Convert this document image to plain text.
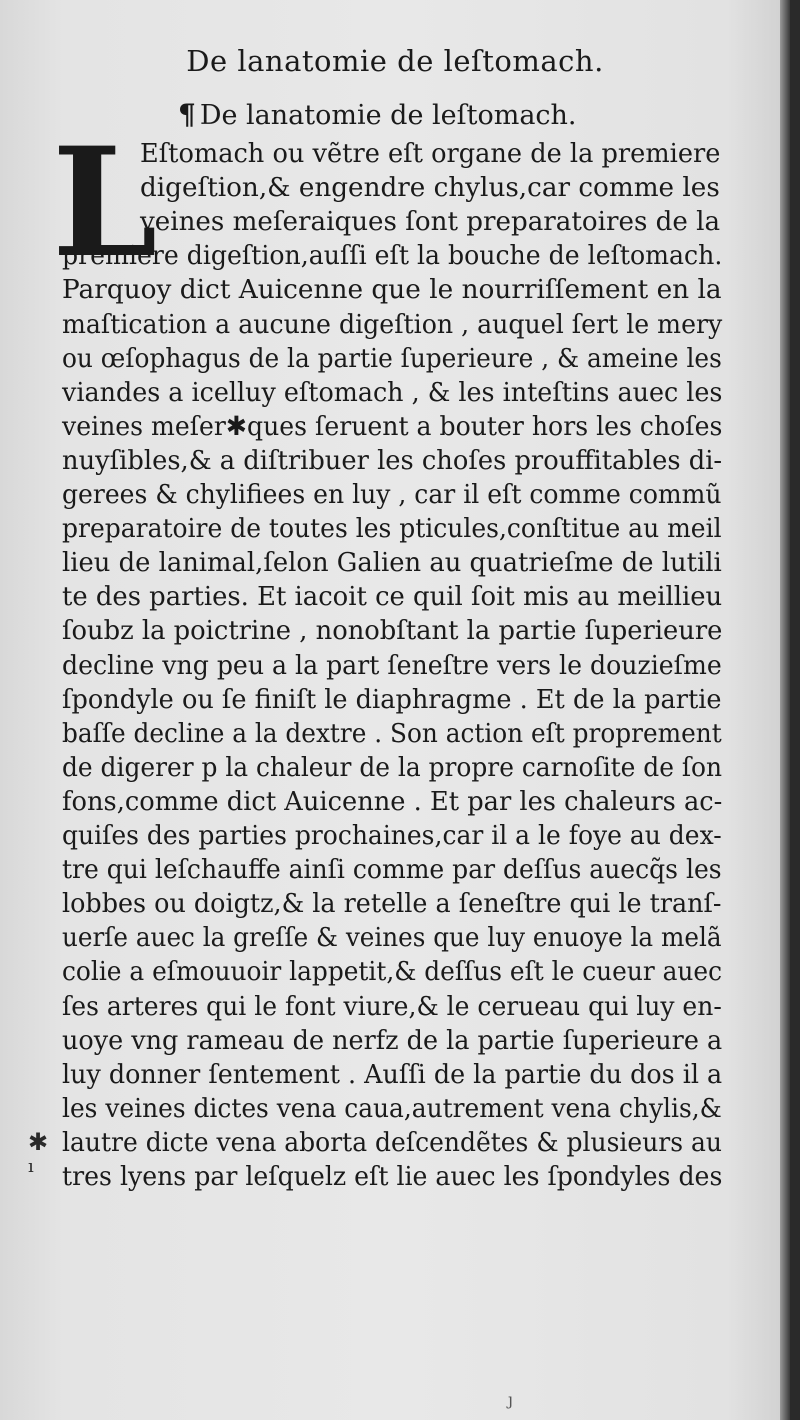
De lanatomie de leſtomach.
¶ De lanatomie de leſtomach.
L
Eſtomach ou vẽtre eſt organe de la premiere
digeſtion,& engendre chylus,car comme les
veines meſeraiques ſont preparatoires de la
premiere digeſtion,auſſi eſt la bouche de leſtomach.
Parquoy dict Auicenne que le nourriſſement en la
maſtication a aucune digeſtion , auquel ſert le mery
ou œſophagus de la partie ſuperieure , & ameine les
viandes a icelluy eſtomach , & les inteſtins auec les
veines meſer✱ques ſeruent a bouter hors les choſes
nuyſibles,& a diſtribuer les choſes prouffitables di-
gerees & chylifiees en luy , car il eſt comme commũ
preparatoire de toutes les pticules,conſtitue au meil
lieu de lanimal,ſelon Galien au quatrieſme de lutili
te des parties. Et iacoit ce quil ſoit mis au meillieu
ſoubz la poictrine , nonobſtant la partie ſuperieure
decline vng peu a la part ſeneſtre vers le douzieſme
ſpondyle ou ſe finiſt le diaphragme . Et de la partie
baſſe decline a la dextre . Son action eſt proprement
de digerer p la chaleur de la propre carnoſite de ſon
fons,comme dict Auicenne . Et par les chaleurs ac-
quiſes des parties prochaines,car il a le foye au dex-
tre qui leſchauffe ainſi comme par deſſus auecq̃s les
lobbes ou doigtz,& la retelle a ſeneſtre qui le tranſ-
uerſe auec la greſſe & veines que luy enuoye la melã
colie a eſmouuoir lappetit,& deſſus eſt le cueur auec
ſes arteres qui le font viure,& le cerueau qui luy en-
uoye vng rameau de nerfz de la partie ſuperieure a
luy donner ſentement . Auſſi de la partie du dos il a
les veines dictes vena caua,autrement vena chylis,&
lautre dicte vena aborta deſcendẽtes & plusieurs au
tres lyens par leſquelz eſt lie auec les ſpondyles des
✱
ı
ȷ
